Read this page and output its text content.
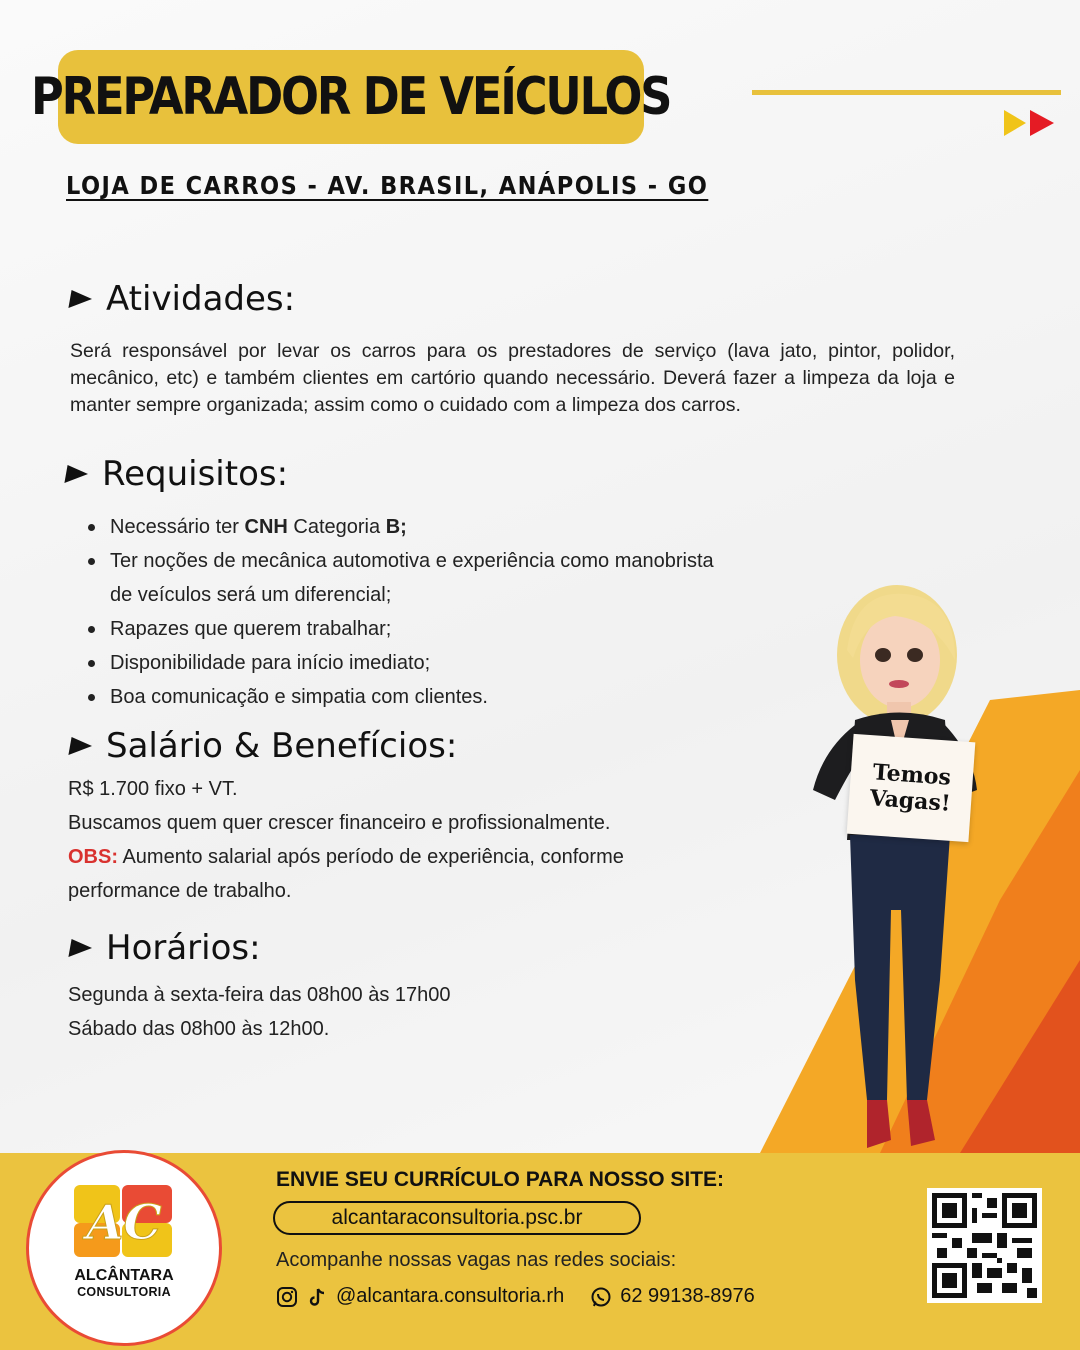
PREPARADOR DE VEÍCULOS
LOJA DE CARROS - AV. BRASIL, ANÁPOLIS - GO
Atividades:

Será responsável por levar os carros para os prestadores de serviço (lava jato, pintor, polidor, mecânico, etc) e também clientes em cartório quando necessário. Deverá fazer a limpeza da loja e manter sempre organizada; assim como o cuidado com a limpeza dos carros.

Requisitos:
Necessário ter CNH Categoria B;
Ter noções de mecânica automotiva e experiência como manobrista
de veículos será um diferencial;
Rapazes que querem trabalhar;
Disponibilidade para início imediato;
Boa comunicação e simpatia com clientes.
Salário & Benefícios:
R$ 1.700 fixo + VT.
Buscamos quem quer crescer financeiro e profissionalmente.
OBS: Aumento salarial após período de experiência, conforme
performance de trabalho.
Horários:
Segunda à sexta-feira das 08h00 às 17h00
Sábado das 08h00 às 12h00.
Temos
Vagas!
AC
ALCÂNTARA
CONSULTORIA
ENVIE SEU CURRÍCULO PARA NOSSO SITE:
alcantaraconsultoria.psc.br
Acompanhe nossas vagas nas redes sociais:
@alcantara.consultoria.rh	62 99138-8976
